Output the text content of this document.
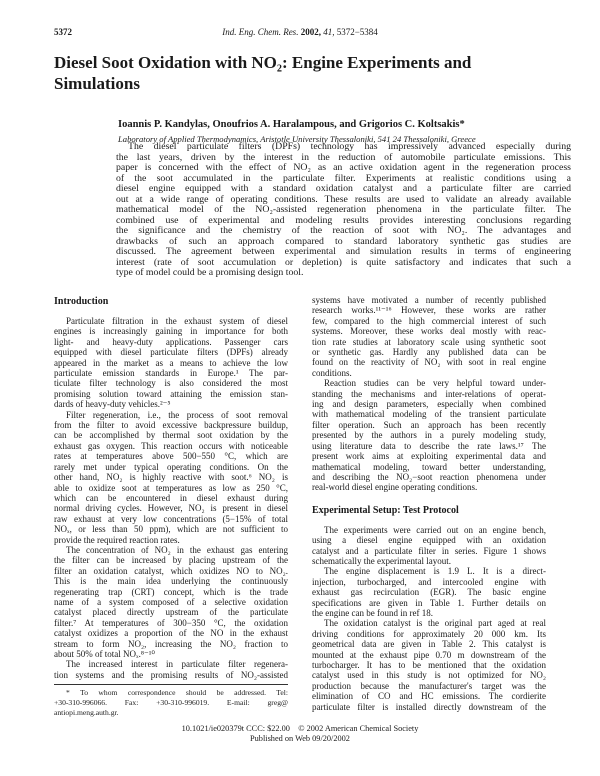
5372	Ind. Eng. Chem. Res. 2002, 41, 5372−5384
Diesel Soot Oxidation with NO₂: Engine Experiments and Simulations
Ioannis P. Kandylas, Onoufrios A. Haralampous, and Grigorios C. Koltsakis*
Laboratory of Applied Thermodynamics, Aristotle University Thessaloniki, 541 24 Thessaloniki, Greece
The diesel particulate filters (DPFs) technology has impressively advanced especially during
the last years, driven by the interest in the reduction of automobile particulate emissions. This
paper is concerned with the effect of NO₂ as an active oxidation agent in the regeneration process
of the soot accumulated in the particulate filter. Experiments at realistic conditions using a
diesel engine equipped with a standard oxidation catalyst and a particulate filter are carried
out at a wide range of operating conditions. These results are used to validate an already available
mathematical model of the NO₂-assisted regeneration phenomena in the particulate filter. The
combined use of experimental and modeling results provides interesting conclusions regarding
the significance and the chemistry of the reaction of soot with NO₂. The advantages and
drawbacks of such an approach compared to standard laboratory synthetic gas studies are
discussed. The agreement between experimental and simulation results in terms of engineering
interest (rate of soot accumulation or depletion) is quite satisfactory and indicates that such a
type of model could be a promising design tool.
Introduction
Particulate filtration in the exhaust system of diesel
engines is increasingly gaining in importance for both
light- and heavy-duty applications. Passenger cars
equipped with diesel particulate filters (DPFs) already
appeared in the market as a means to achieve the low
particulate emission standards in Europe.¹ The par-
ticulate filter technology is also considered the most
promising solution toward attaining the emission stan-
dards of heavy-duty vehicles.²⁻⁵
Filter regeneration, i.e., the process of soot removal
from the filter to avoid excessive backpressure buildup,
can be accomplished by thermal soot oxidation by the
exhaust gas oxygen. This reaction occurs with noticeable
rates at temperatures above 500−550 °C, which are
rarely met under typical operating conditions. On the
other hand, NO₂ is highly reactive with soot.⁶ NO₂ is
able to oxidize soot at temperatures as low as 250 °C,
which can be encountered in diesel exhaust during
normal driving cycles. However, NO₂ is present in diesel
raw exhaust at very low concentrations (5−15% of total
NOₓ, or less than 50 ppm), which are not sufficient to
provide the required reaction rates.
The concentration of NO₂ in the exhaust gas entering
the filter can be increased by placing upstream of the
filter an oxidation catalyst, which oxidizes NO to NO₂.
This is the main idea underlying the continuously
regenerating trap (CRT) concept, which is the trade
name of a system composed of a selective oxidation
catalyst placed directly upstream of the particulate
filter.⁷ At temperatures of 300−350 °C, the oxidation
catalyst oxidizes a proportion of the NO in the exhaust
stream to form NO₂, increasing the NO₂ fraction to
about 50% of total NOₓ.⁸⁻¹⁰
The increased interest in particulate filter regenera-
tion systems and the promising results of NO₂-assisted
systems have motivated a number of recently published
research works.¹¹⁻¹⁶ However, these works are rather
few, compared to the high commercial interest of such
systems. Moreover, these works deal mostly with reac-
tion rate studies at laboratory scale using synthetic soot
or synthetic gas. Hardly any published data can be
found on the reactivity of NO₂ with soot in real engine
conditions.
Reaction studies can be very helpful toward under-
standing the mechanisms and inter-relations of operat-
ing and design parameters, especially when combined
with mathematical modeling of the transient particulate
filter operation. Such an approach has been recently
presented by the authors in a purely modeling study,
using literature data to describe the rate laws.¹⁷ The
present work aims at exploiting experimental data and
mathematical modeling, toward better understanding,
and describing the NO₂−soot reaction phenomena under
real-world diesel engine operating conditions.
Experimental Setup: Test Protocol
The experiments were carried out on an engine bench,
using a diesel engine equipped with an oxidation
catalyst and a particulate filter in series. Figure 1 shows
schematically the experimental layout.
The engine displacement is 1.9 L. It is a direct-
injection, turbocharged, and intercooled engine with
exhaust gas recirculation (EGR). The basic engine
specifications are given in Table 1. Further details on
the engine can be found in ref 18.
The oxidation catalyst is the original part aged at real
driving conditions for approximately 20 000 km. Its
geometrical data are given in Table 2. This catalyst is
mounted at the exhaust pipe 0.70 m downstream of the
turbocharger. It has to be mentioned that the oxidation
catalyst used in this study is not optimized for NO₂
production because the manufacturer's target was the
elimination of CO and HC emissions. The cordierite
particulate filter is installed directly downstream of the
* To whom correspondence should be addressed. Tel:
+30-310-996066. Fax: +30-310-996019. E-mail: greg@
antiopi.meng.auth.gr.
10.1021/ie020379t CCC: $22.00    © 2002 American Chemical Society
Published on Web 09/20/2002
